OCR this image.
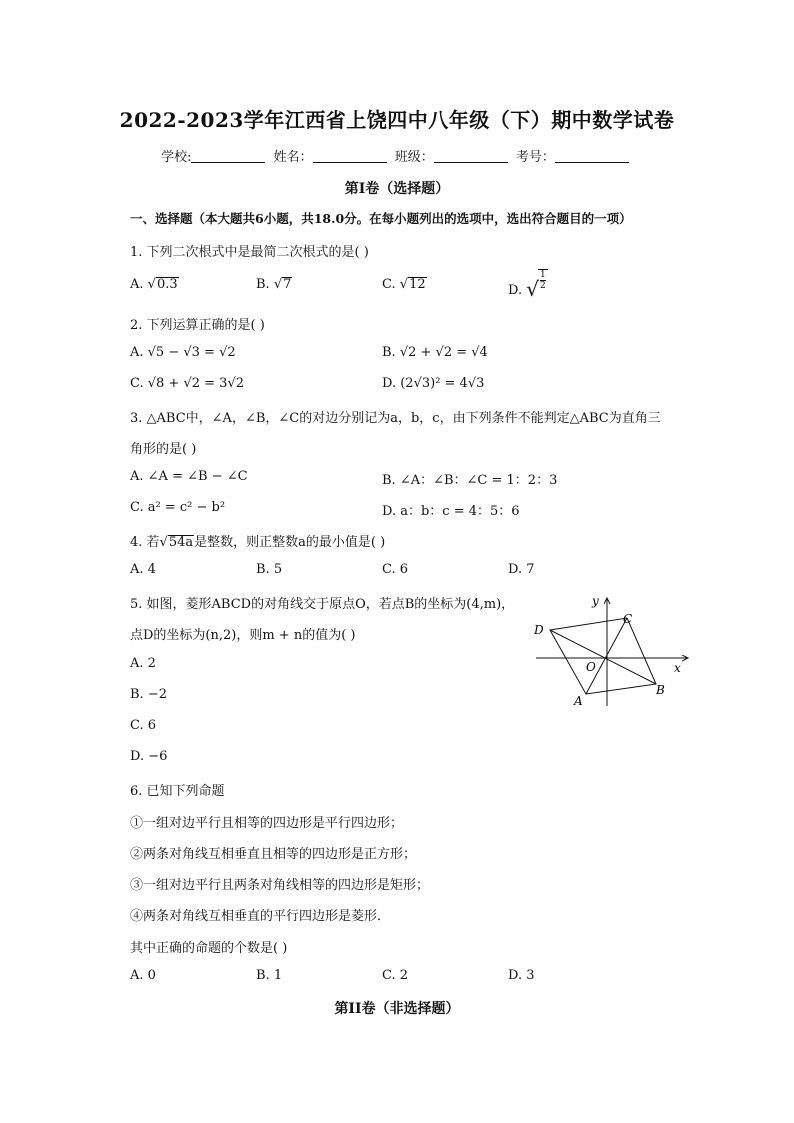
2022-2023学年江西省上饶四中八年级（下）期中数学试卷
学校:	姓名：	班级：	考号：
第I卷（选择题）
一、选择题（本大题共6小题，共18.0分。在每小题列出的选项中，选出符合题目的一项）
1. 下列二次根式中是最简二次根式的是( )
A. √0.3	B. √7	C. √12	D. √ $\frac{1}{2}$
2. 下列运算正确的是( )
A. √5 − √3 = √2	B. √2 + √2 = √4
C. √8 + √2 = 3√2	D. (2√3)² = 4√3
3. △ABC中，∠A，∠B，∠C的对边分别记为a，b，c，由下列条件不能判定△ABC为直角三
角形的是( )
A. ∠A = ∠B − ∠C	B. ∠A：∠B：∠C = 1：2：3
C. a² = c² − b²	D. a：b：c = 4：5：6
4. 若√54a是整数，则正整数a的最小值是( )
A. 4	B. 5	C. 6	D. 7
5. 如图，菱形ABCD的对角线交于原点O，若点B的坐标为(4,m)，
点D的坐标为(n,2)，则m + n的值为( )
A. 2
B. −2
C. 6
D. −6
x
y
O
A
B
C
D
6. 已知下列命题
①一组对边平行且相等的四边形是平行四边形；
②两条对角线互相垂直且相等的四边形是正方形；
③一组对边平行且两条对角线相等的四边形是矩形；
④两条对角线互相垂直的平行四边形是菱形．
其中正确的命题的个数是( )
A. 0	B. 1	C. 2	D. 3
第II卷（非选择题）
